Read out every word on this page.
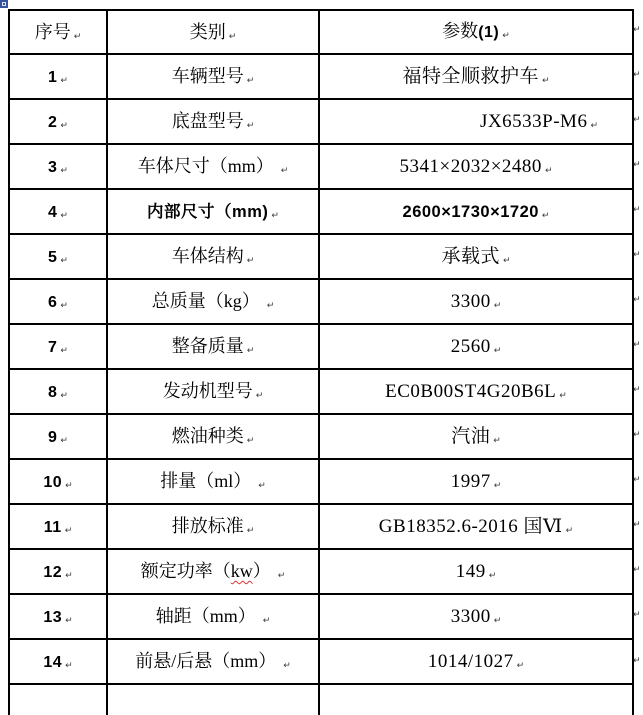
序号 ↵	类别 ↵	参数(1) ↵
1 ↵	车辆型号 ↵	福特全顺救护车 ↵
2 ↵	底盘型号 ↵	JX6533P-M6 ↵
3 ↵	车体尺寸（mm） ↵	5341×2032×2480 ↵
4 ↵	内部尺寸（mm) ↵	2600×1730×1720 ↵
5 ↵	车体结构 ↵	承载式 ↵
6 ↵	总质量（kg） ↵	3300 ↵
7 ↵	整备质量 ↵	2560 ↵
8 ↵	发动机型号 ↵	EC0B00ST4G20B6L ↵
9 ↵	燃油种类 ↵	汽油 ↵
10 ↵	排量（ml） ↵	1997 ↵
11 ↵	排放标准 ↵	GB18352.6-2016 国Ⅵ ↵
12 ↵	额定功率（kw） ↵	149 ↵
13 ↵	轴距（mm） ↵	3300 ↵
14 ↵	前悬/后悬（mm） ↵	1014/1027 ↵

↵
↵
↵
↵
↵
↵
↵
↵
↵
↵
↵
↵
↵
↵
↵
